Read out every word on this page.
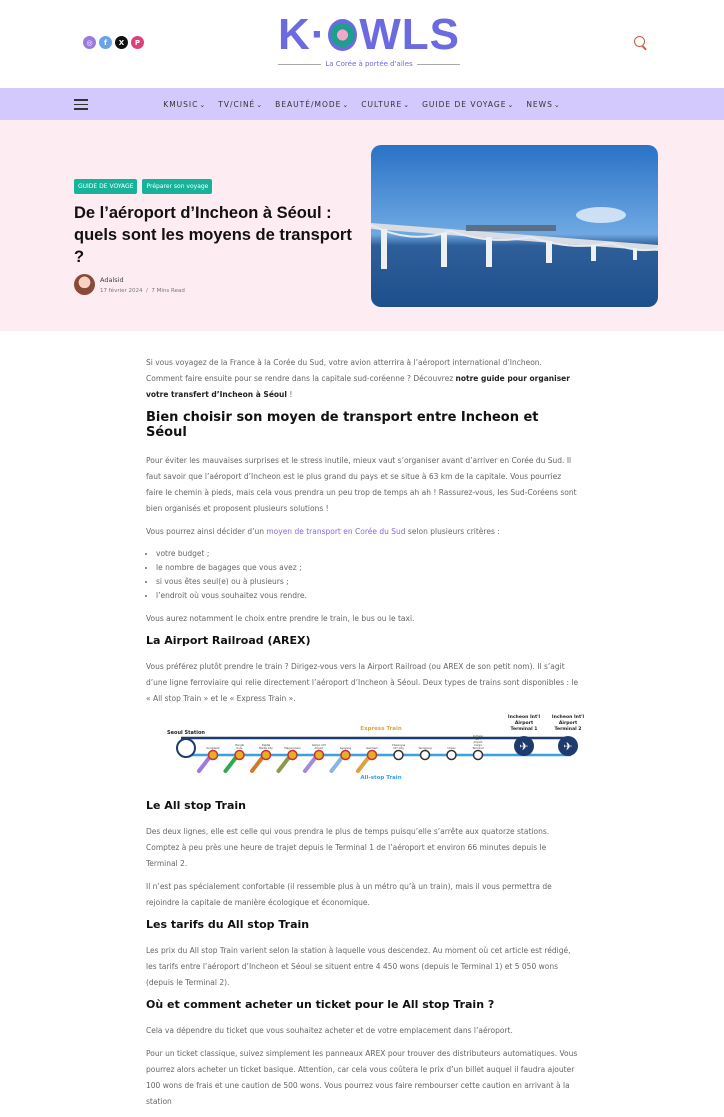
◎	f	X	P	K· WLS
La Corée à portée d'ailes
KMUSIC ⌄	TV/CINÉ ⌄	BEAUTÉ/MODE ⌄	CULTURE ⌄	GUIDE DE VOYAGE ⌄	NEWS ⌄
GUIDE DE VOYAGE	Préparer son voyage
De l’aéroport d’Incheon à Séoul : quels sont les moyens de transport ?
Adalsid
17 février 2024  /  7 Mins Read

Si vous voyagez de la France à la Corée du Sud, votre avion atterrira à l’aéroport international d’Incheon. Comment faire ensuite pour se rendre dans la capitale sud-coréenne ? Découvrez notre guide pour organiser votre transfert d’Incheon à Séoul !

Bien choisir son moyen de transport entre Incheon et Séoul

Pour éviter les mauvaises surprises et le stress inutile, mieux vaut s’organiser avant d’arriver en Corée du Sud. Il faut savoir que l’aéroport d’Incheon est le plus grand du pays et se situe à 63 km de la capitale. Vous pourriez faire le chemin à pieds, mais cela vous prendra un peu trop de temps ah ah ! Rassurez-vous, les Sud-Coréens sont bien organisés et proposent plusieurs solutions !

Vous pourrez ainsi décider d’un moyen de transport en Corée du Sud selon plusieurs critères :

• votre budget ;
• le nombre de bagages que vous avez ;
• si vous êtes seul(e) ou à plusieurs ;
• l’endroit où vous souhaitez vous rendre.

Vous aurez notamment le choix entre prendre le train, le bus ou le taxi.

La Airport Railroad (AREX)

Vous préférez plutôt prendre le train ? Dirigez-vous vers la Airport Railroad (ou AREX de son petit nom). Il s’agit d’une ligne ferroviaire qui relie directement l’aéroport d’Incheon à Séoul. Deux types de trains sont disponibles : le « All stop Train » et le « Express Train ».

Express Train
All-stop Train
Seoul Station
Gongdeok
Hongik Univ.
Digital Media City	Magongnaru
Gimpo Int'l Airport	Gyeyang	Geomam
Cheongna Int'l City	Yeongjong	Unseo
Incheon Int'l Airport Cargo Terminal
Incheon Int'l
Airport
Terminal 1
✈
Incheon Int'l
Airport
Terminal 2
✈
Le All stop Train

Des deux lignes, elle est celle qui vous prendra le plus de temps puisqu’elle s’arrête aux quatorze stations. Comptez à peu près une heure de trajet depuis le Terminal 1 de l’aéroport et environ 66 minutes depuis le Terminal 2.

Il n’est pas spécialement confortable (il ressemble plus à un métro qu’à un train), mais il vous permettra de rejoindre la capitale de manière écologique et économique.

Les tarifs du All stop Train

Les prix du All stop Train varient selon la station à laquelle vous descendez. Au moment où cet article est rédigé, les tarifs entre l’aéroport d’Incheon et Séoul se situent entre 4 450 wons (depuis le Terminal 1) et 5 050 wons (depuis le Terminal 2).

Où et comment acheter un ticket pour le All stop Train ?

Cela va dépendre du ticket que vous souhaitez acheter et de votre emplacement dans l’aéroport.

Pour un ticket classique, suivez simplement les panneaux AREX pour trouver des distributeurs automatiques. Vous pourrez alors acheter un ticket basique. Attention, car cela vous coûtera le prix d’un billet auquel il faudra ajouter 100 wons de frais et une caution de 500 wons. Vous pourrez vous faire rembourser cette caution en arrivant à la station
